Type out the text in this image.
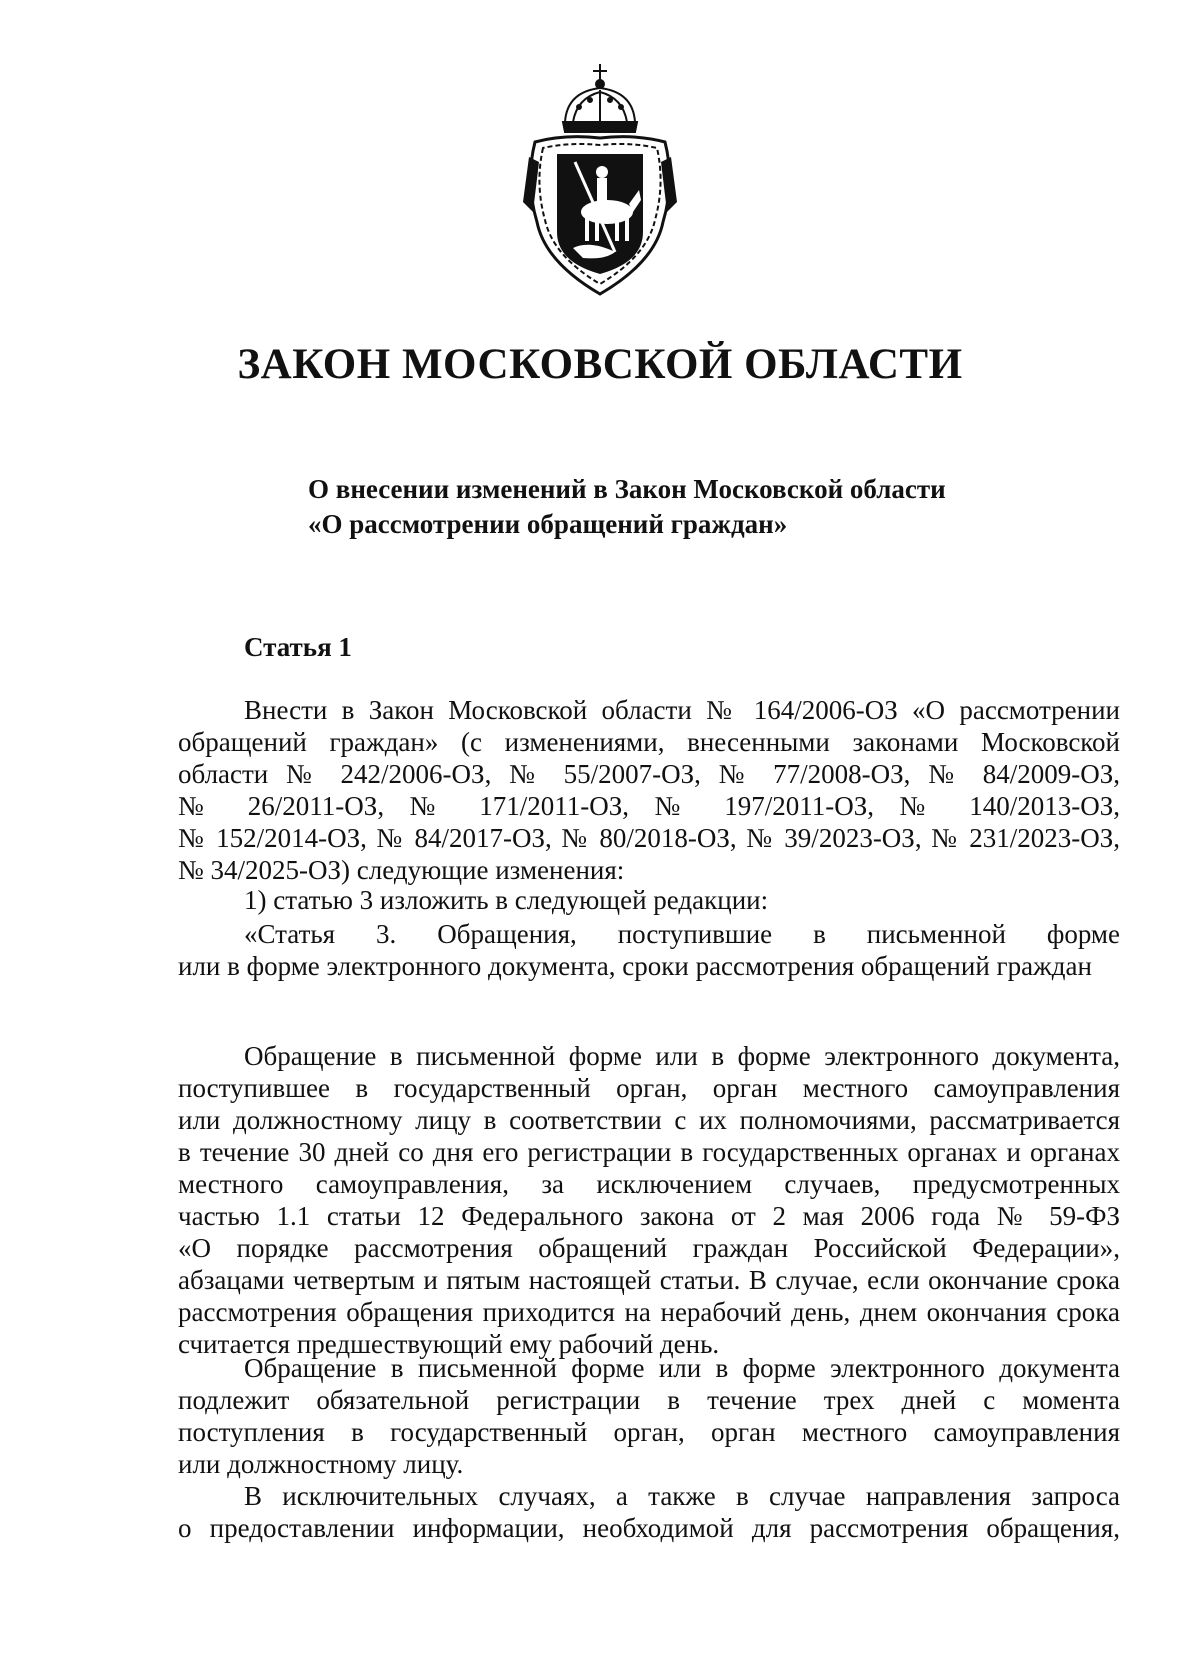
ЗАКОН МОСКОВСКОЙ ОБЛАСТИ
О внесении изменений в Закон Московской области
«О рассмотрении обращений граждан»
Статья 1
Внести в Закон Московской области № 164/2006-ОЗ «О рассмотрении
обращений граждан» (с изменениями, внесенными законами Московской
области № 242/2006-ОЗ, № 55/2007-ОЗ, № 77/2008-ОЗ, № 84/2009-ОЗ,
№ 26/2011-ОЗ, № 171/2011-ОЗ, № 197/2011-ОЗ, № 140/2013-ОЗ,
№ 152/2014-ОЗ, № 84/2017-ОЗ, № 80/2018-ОЗ, № 39/2023-ОЗ, № 231/2023-ОЗ,
№ 34/2025-ОЗ) следующие изменения:
1) статью 3 изложить в следующей редакции:
«Статья 3. Обращения, поступившие в письменной форме
или в форме электронного документа, сроки рассмотрения обращений граждан
Обращение в письменной форме или в форме электронного документа,
поступившее в государственный орган, орган местного самоуправления
или должностному лицу в соответствии с их полномочиями, рассматривается
в течение 30 дней со дня его регистрации в государственных органах и органах
местного самоуправления, за исключением случаев, предусмотренных
частью 1.1 статьи 12 Федерального закона от 2 мая 2006 года № 59-ФЗ
«О порядке рассмотрения обращений граждан Российской Федерации»,
абзацами четвертым и пятым настоящей статьи. В случае, если окончание срока
рассмотрения обращения приходится на нерабочий день, днем окончания срока
считается предшествующий ему рабочий день.
Обращение в письменной форме или в форме электронного документа
подлежит обязательной регистрации в течение трех дней с момента
поступления в государственный орган, орган местного самоуправления
или должностному лицу.
В исключительных случаях, а также в случае направления запроса
о предоставлении информации, необходимой для рассмотрения обращения,
